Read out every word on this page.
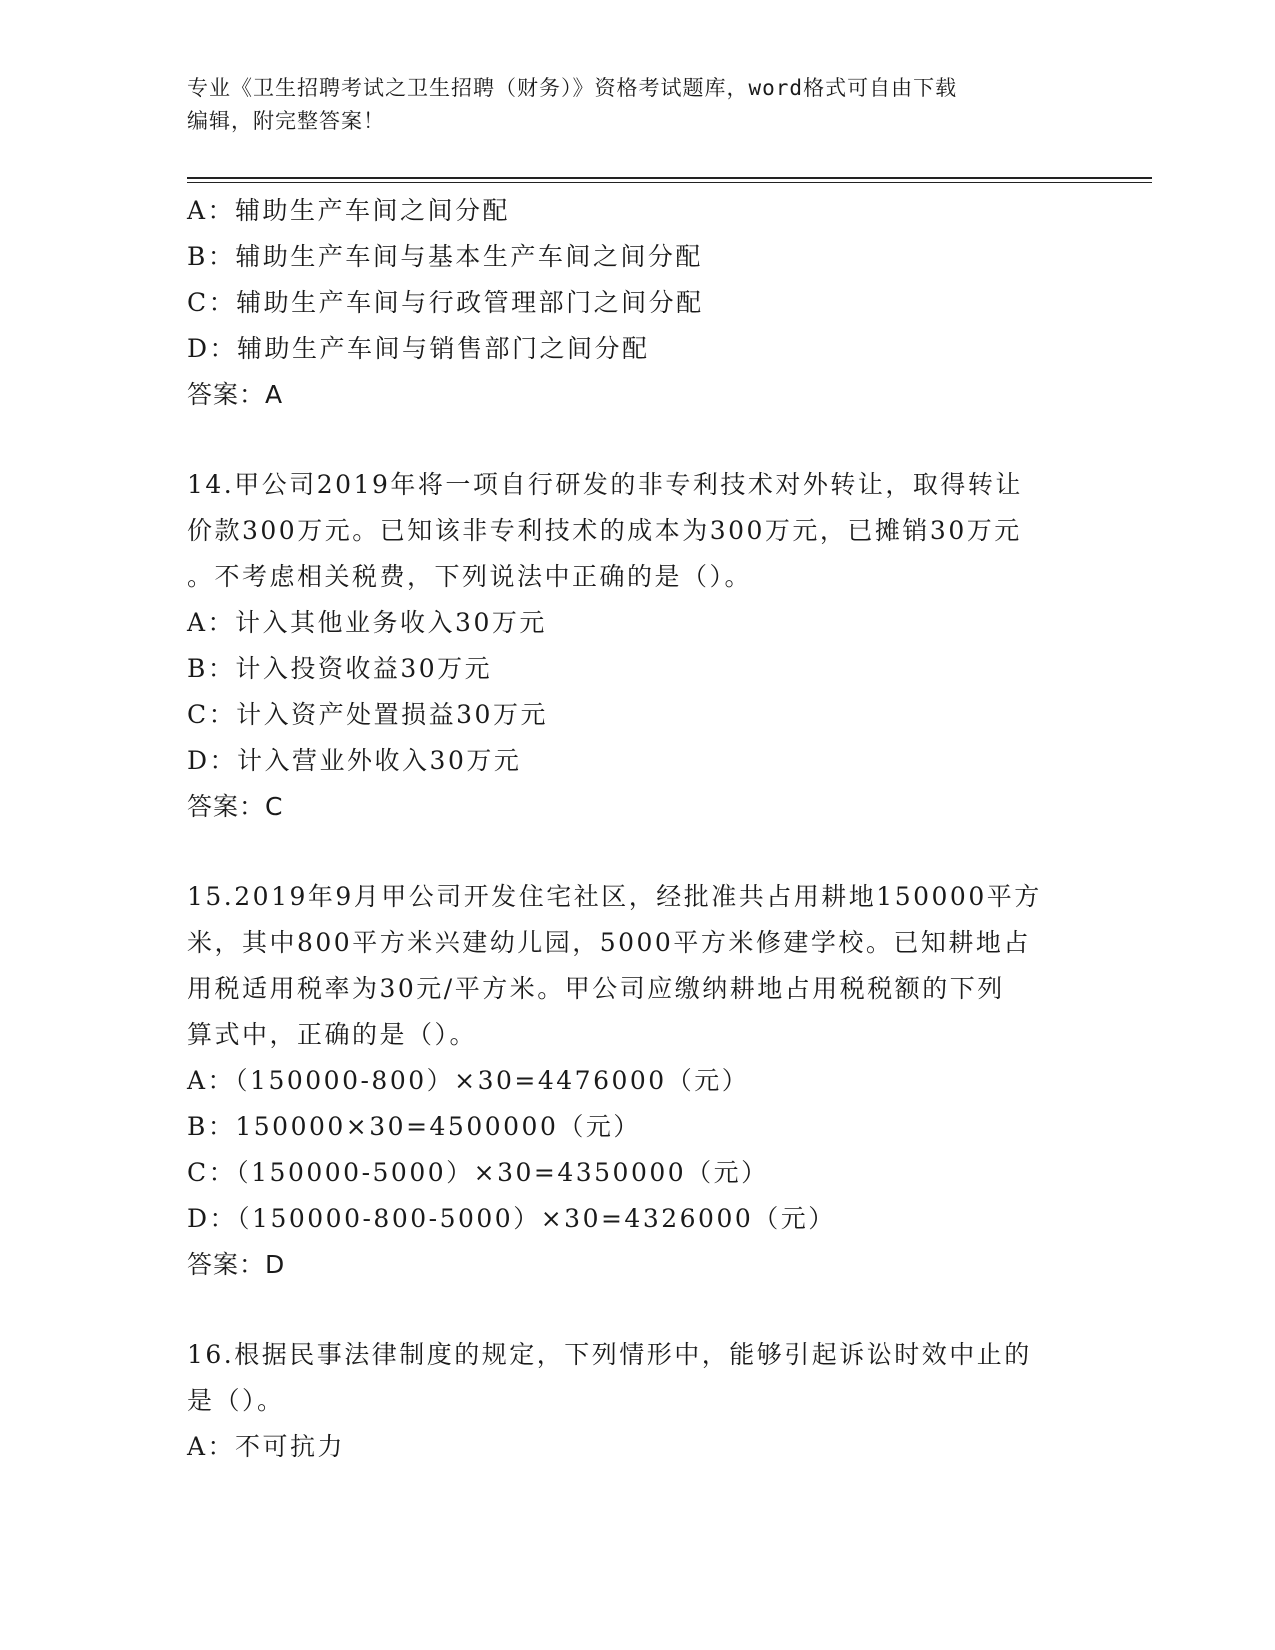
专业《卫生招聘考试之卫生招聘（财务）》资格考试题库，word格式可自由下载
编辑，附完整答案！
A：辅助生产车间之间分配
B：辅助生产车间与基本生产车间之间分配
C：辅助生产车间与行政管理部门之间分配
D：辅助生产车间与销售部门之间分配
答案：A
14.甲公司2019年将一项自行研发的非专利技术对外转让，取得转让
价款300万元。已知该非专利技术的成本为300万元，已摊销30万元
。不考虑相关税费，下列说法中正确的是（）。
A：计入其他业务收入30万元
B：计入投资收益30万元
C：计入资产处置损益30万元
D：计入营业外收入30万元
答案：C
15.2019年9月甲公司开发住宅社区，经批准共占用耕地150000平方
米，其中800平方米兴建幼儿园，5000平方米修建学校。已知耕地占
用税适用税率为30元/平方米。甲公司应缴纳耕地占用税税额的下列
算式中，正确的是（）。
A：（150000-800）×30=4476000（元）
B：150000×30=4500000（元）
C：（150000-5000）×30=4350000（元）
D：（150000-800-5000）×30=4326000（元）
答案：D
16.根据民事法律制度的规定，下列情形中，能够引起诉讼时效中止的
是（）。
A：不可抗力
